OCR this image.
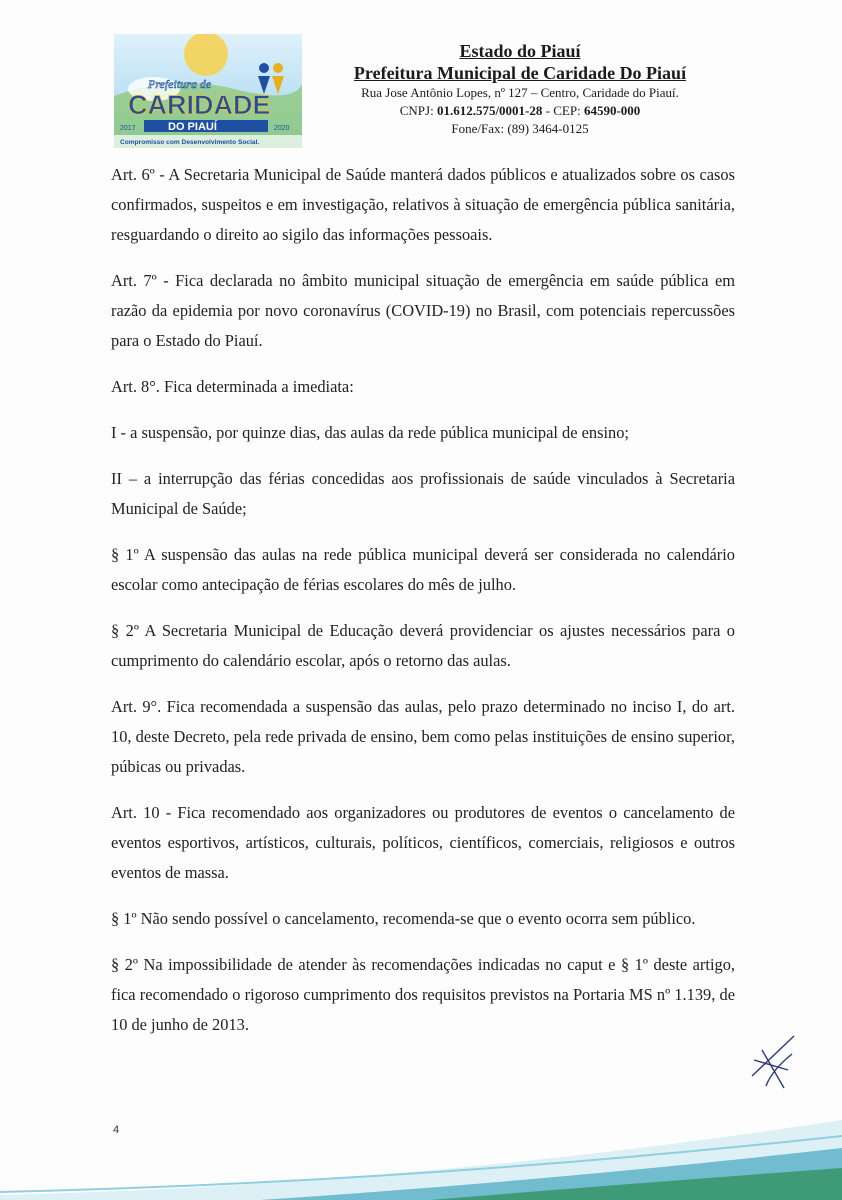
Prefeitura de
CARIDADE
DO PIAUÍ
2017	2020
Compromisso com Desenvolvimento Social.
Estado do Piauí
Prefeitura Municipal de Caridade Do Piauí
Rua Jose Antônio Lopes, nº 127 – Centro, Caridade do Piauí.
CNPJ: 01.612.575/0001-28 - CEP: 64590-000
Fone/Fax: (89) 3464-0125

Art. 6º - A Secretaria Municipal de Saúde manterá dados públicos e atualizados sobre os casos confirmados, suspeitos e em investigação, relativos à situação de emergência pública sanitária, resguardando o direito ao sigilo das informações pessoais.

Art. 7º - Fica declarada no âmbito municipal situação de emergência em saúde pública em razão da epidemia por novo coronavírus (COVID-19) no Brasil, com potenciais repercussões para o Estado do Piauí.

Art. 8°. Fica determinada a imediata:

I - a suspensão, por quinze dias, das aulas da rede pública municipal de ensino;

II – a interrupção das férias concedidas aos profissionais de saúde vinculados à Secretaria Municipal de Saúde;

§ 1º A suspensão das aulas na rede pública municipal deverá ser considerada no calendário escolar como antecipação de férias escolares do mês de julho.

§ 2º A Secretaria Municipal de Educação deverá providenciar os ajustes necessários para o cumprimento do calendário escolar, após o retorno das aulas.

Art. 9°. Fica recomendada a suspensão das aulas, pelo prazo determinado no inciso I, do art. 10, deste Decreto, pela rede privada de ensino, bem como pelas instituições de ensino superior, púbicas ou privadas.

Art. 10 - Fica recomendado aos organizadores ou produtores de eventos o cancelamento de eventos esportivos, artísticos, culturais, políticos, científicos, comerciais, religiosos e outros eventos de massa.

§ 1º Não sendo possível o cancelamento, recomenda-se que o evento ocorra sem público.

§ 2º Na impossibilidade de atender às recomendações indicadas no caput e § 1º deste artigo, fica recomendado o rigoroso cumprimento dos requisitos previstos na Portaria MS nº 1.139, de 10 de junho de 2013.

4
